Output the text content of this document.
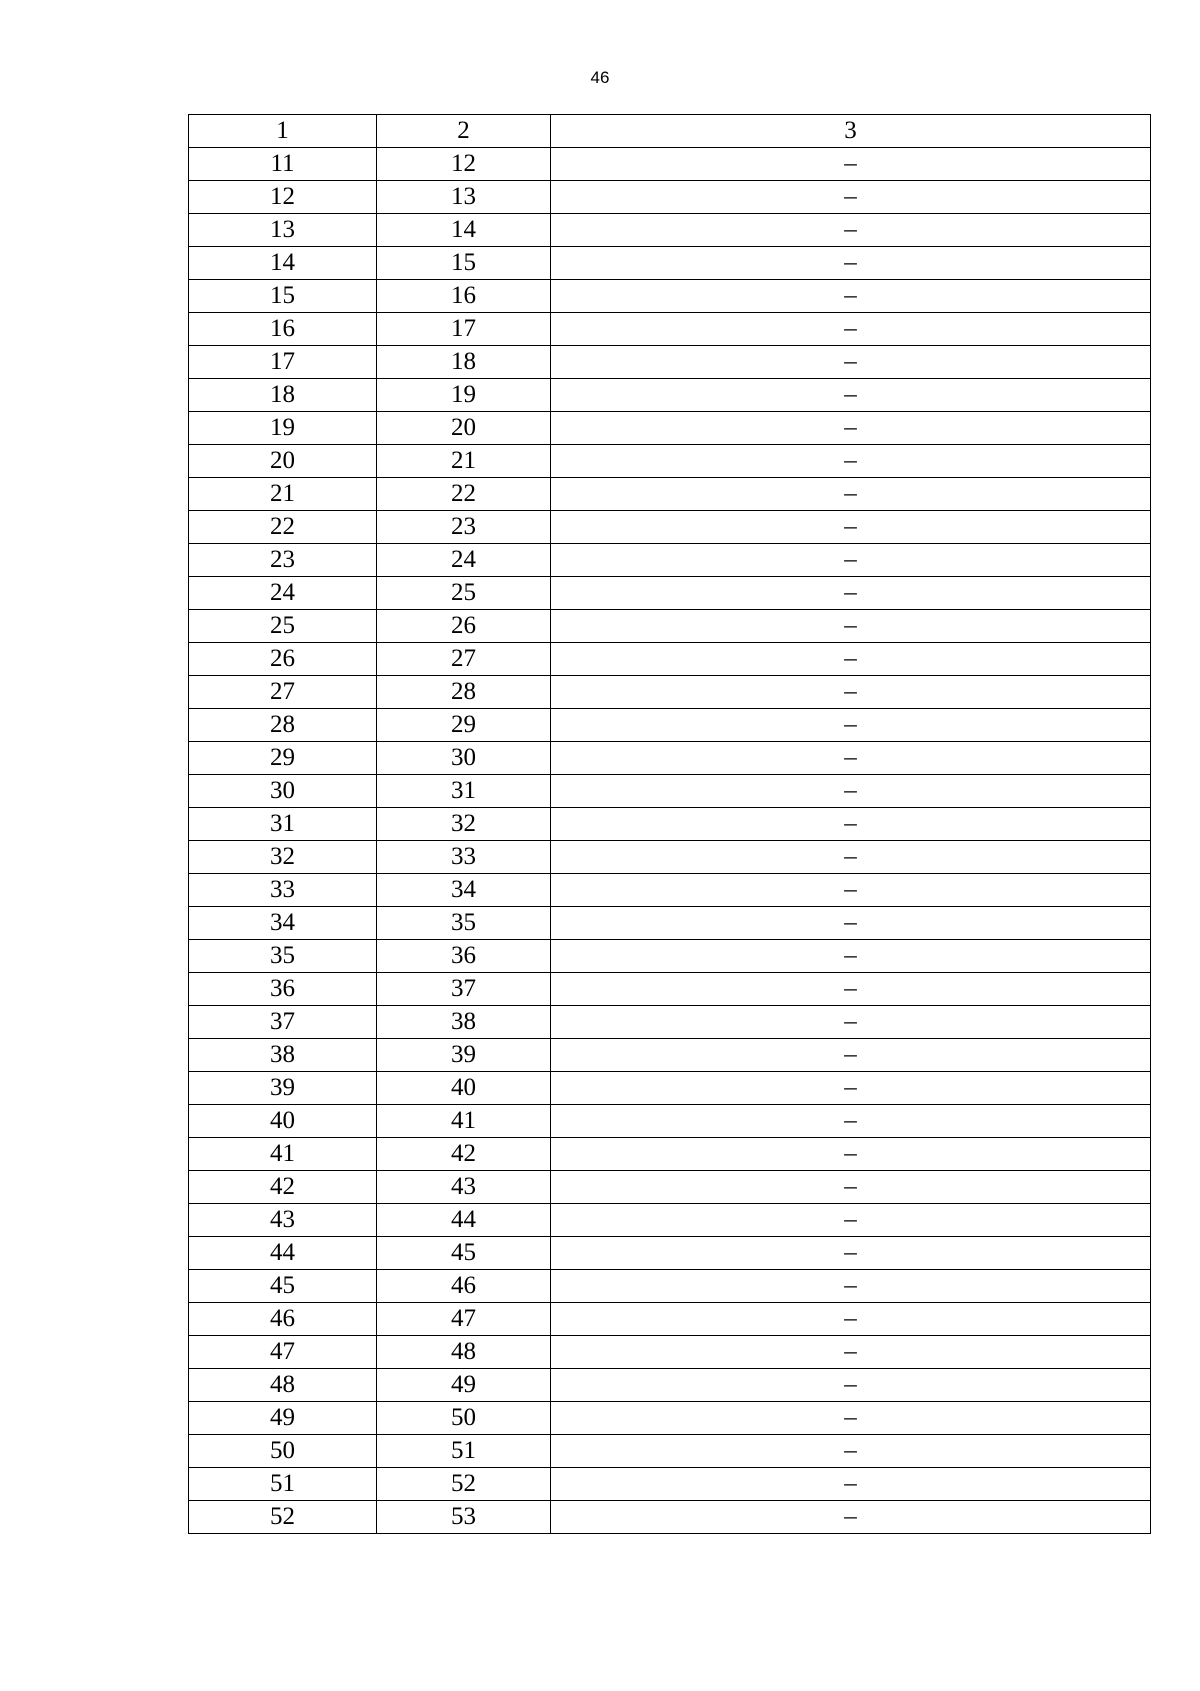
46
1	2	3
11	12	–
12	13	–
13	14	–
14	15	–
15	16	–
16	17	–
17	18	–
18	19	–
19	20	–
20	21	–
21	22	–
22	23	–
23	24	–
24	25	–
25	26	–
26	27	–
27	28	–
28	29	–
29	30	–
30	31	–
31	32	–
32	33	–
33	34	–
34	35	–
35	36	–
36	37	–
37	38	–
38	39	–
39	40	–
40	41	–
41	42	–
42	43	–
43	44	–
44	45	–
45	46	–
46	47	–
47	48	–
48	49	–
49	50	–
50	51	–
51	52	–
52	53	–
